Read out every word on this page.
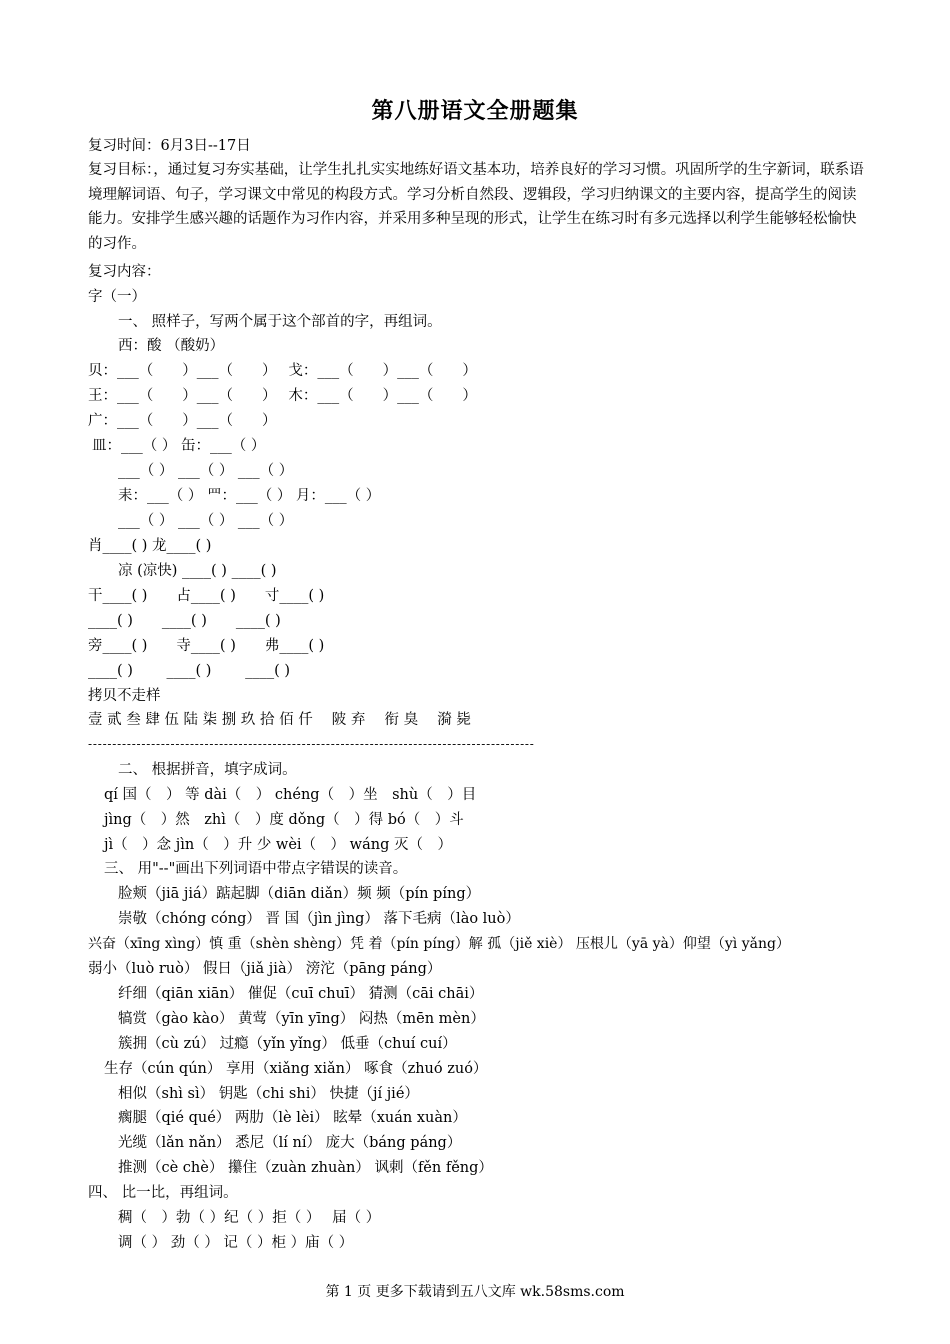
第八册语文全册题集
复习时间：6月3日--17日
复习目标：，通过复习夯实基础，让学生扎扎实实地练好语文基本功，培养良好的学习习惯。巩固所学的生字新词，联系语境理解词语、句子，学习课文中常见的构段方式。学习分析自然段、逻辑段，学习归纳课文的主要内容，提高学生的阅读能力。安排学生感兴趣的话题作为习作内容，并采用多种呈现的形式，让学生在练习时有多元选择以利学生能够轻松愉快的习作。
复习内容：
字（一）
一、 照样子，写两个属于这个部首的字，再组词。
西：酸 （酸奶）
贝：___（　　）___（　　）　 戈：___（　　）___（　　）
王：___（　　）___（　　）　 木：___（　　）___（　　）
广：___（　　）___（　　）
皿：___（ ） 缶：___（ ）
___（ ） ___（ ） ___（ ）
耒：___（ ） 罒：___（ ） 月：___（ ）
___（ ） ___（ ） ___（ ）
肖____( ) 龙____( )
凉 (凉快) ____( ) ____( )
干____( )　　占____( )　　寸____( )
____( )　　____( )　　____( )
旁____( )　　寺____( )　　弗____( )
____( )　　 ____( )　　 ____( )
拷贝不走样
壹 贰 叁 肆 伍 陆 柒 捌 玖 拾 佰 仟　 陂 弃　 衔 臭　 漪 毙
--------------------------------------------------------------------------------------------
二、 根据拼音，填字成词。
qí 国（　） 等 dài（　） chéng（　）坐　shù（　）目
jìng（　）然　zhì（　）度 dǒng（　）得 bó（　）斗
jì（　）念 jìn（　）升 少 wèi（　） wáng 灭（　）
三、 用"--"画出下列词语中带点字错误的读音。
脸颊（jiā jiá）踮起脚（diān diǎn）频 频（pín píng）
崇敬（chóng cóng） 晋 国（jìn jìng） 落下毛病（lào luò）
兴奋（xīng xìng）慎 重（shèn shèng）凭 着（pín píng）解 孤（jiě xiè） 压根儿（yā yà）仰望（yì yǎng）
弱小（luò ruò） 假日（jiǎ jià） 滂沱（pāng páng）
纤细（qiān xiān） 催促（cuī chuī） 猜测（cāi chāi）
犒赏（gào kào） 黄莺（yīn yīng） 闷热（mēn mèn）
簇拥（cù zú） 过瘾（yǐn yǐng） 低垂（chuí cuí）
生存（cún qún） 享用（xiǎng xiǎn） 啄食（zhuó zuó）
相似（shì sì） 钥匙（chi shi） 快捷（jí jié）
瘸腿（qié qué） 两肋（lè lèi） 眩晕（xuán xuàn）
光缆（lǎn nǎn） 悉尼（lí ní） 庞大（báng páng）
推测（cè chè） 攥住（zuàn zhuàn） 讽刺（fěn fěng）
四、 比一比，再组词。
稠（　）勃（ ）纪（ ）拒（ ）　 届（ ）
调（ ） 劲（ ） 记（ ）柜 ）庙（ ）
第 1 页 更多下载请到五八文库 wk.58sms.com
